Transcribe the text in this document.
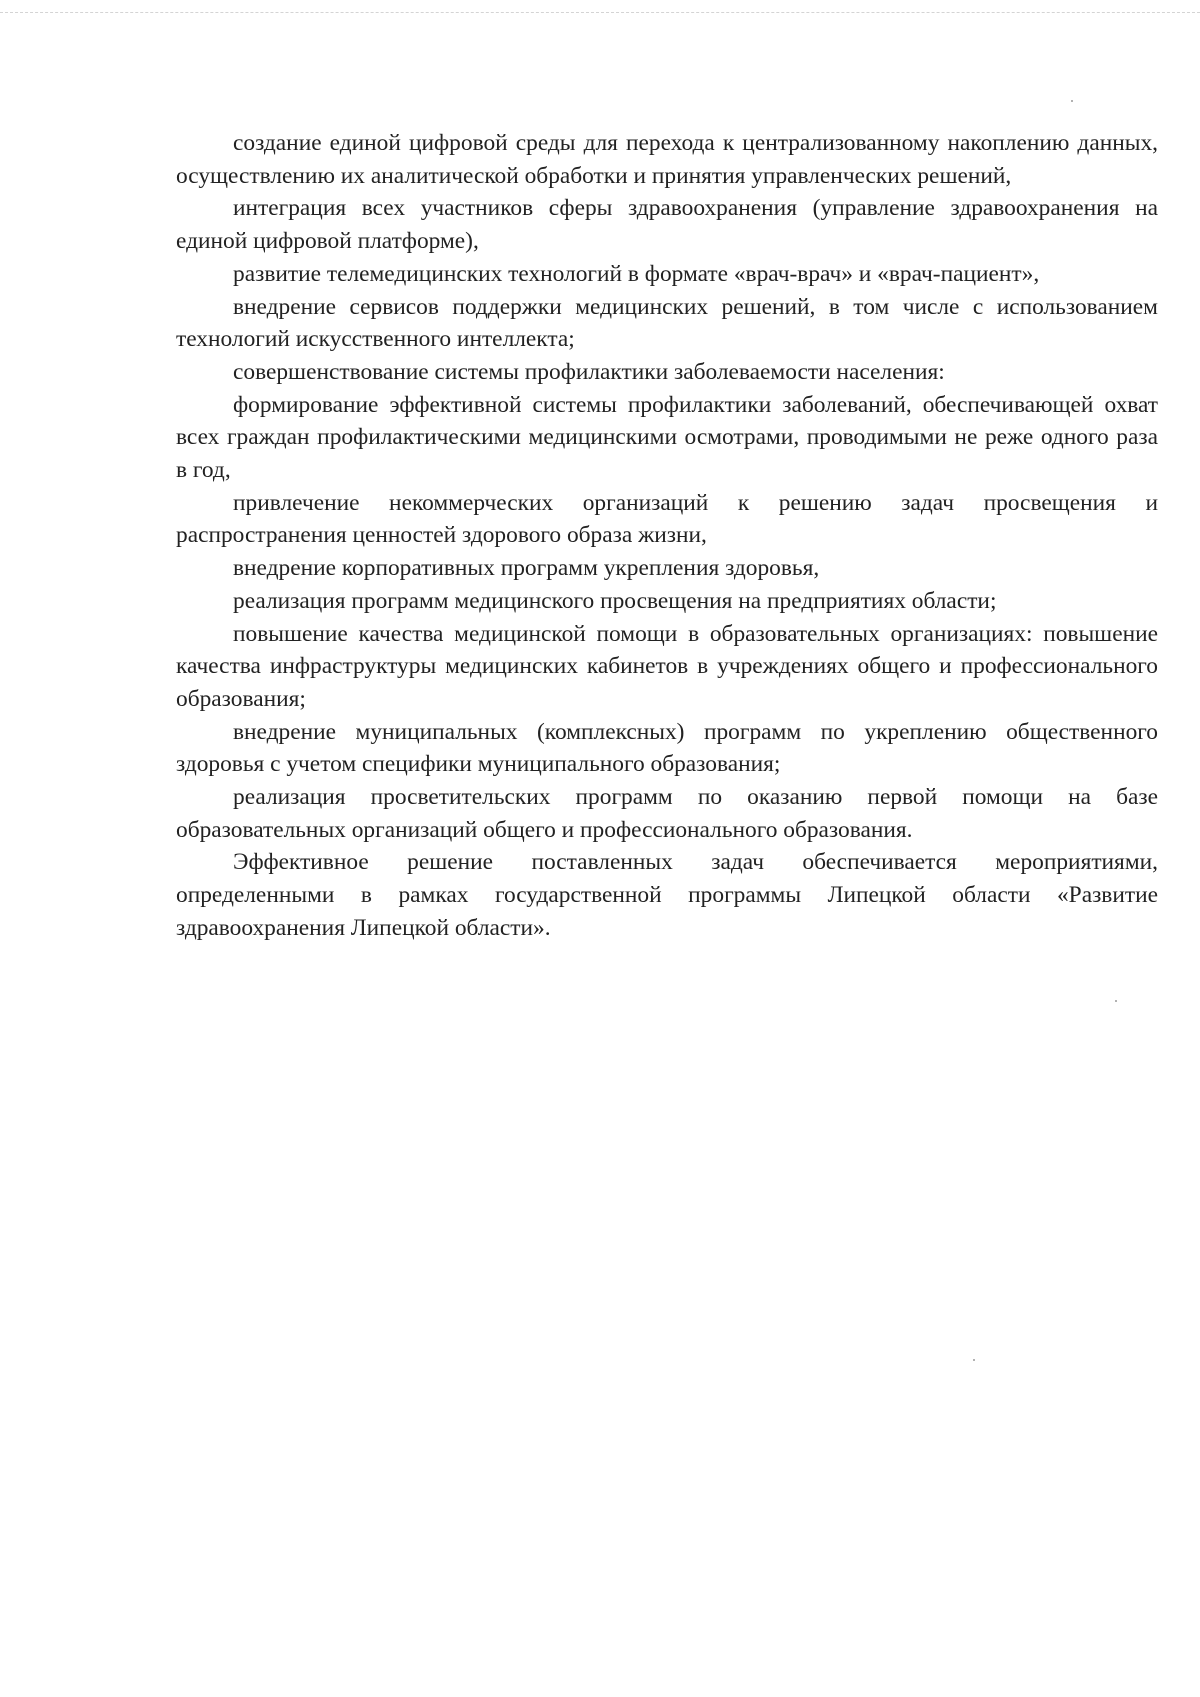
создание единой цифровой среды для перехода к централизованному накоплению данных, осуществлению их аналитической обработки и принятия управленческих решений,

интеграция всех участников сферы здравоохранения (управление здравоохранения на единой цифровой платформе),

развитие телемедицинских технологий в формате «врач-врач» и «врач-пациент»,

внедрение сервисов поддержки медицинских решений, в том числе с использованием технологий искусственного интеллекта;

совершенствование системы профилактики заболеваемости населения:

формирование эффективной системы профилактики заболеваний, обеспечивающей охват всех граждан профилактическими медицинскими осмотрами, проводимыми не реже одного раза в год,

привлечение некоммерческих организаций к решению задач просвещения и распространения ценностей здорового образа жизни,

внедрение корпоративных программ укрепления здоровья,

реализация программ медицинского просвещения на предприятиях области;

повышение качества медицинской помощи в образовательных организациях: повышение качества инфраструктуры медицинских кабинетов в учреждениях общего и профессионального образования;

внедрение муниципальных (комплексных) программ по укреплению общественного здоровья с учетом специфики муниципального образования;

реализация просветительских программ по оказанию первой помощи на базе образовательных организаций общего и профессионального образования.

Эффективное решение поставленных задач обеспечивается мероприятиями, определенными в рамках государственной программы Липецкой области «Развитие здравоохранения Липецкой области».
